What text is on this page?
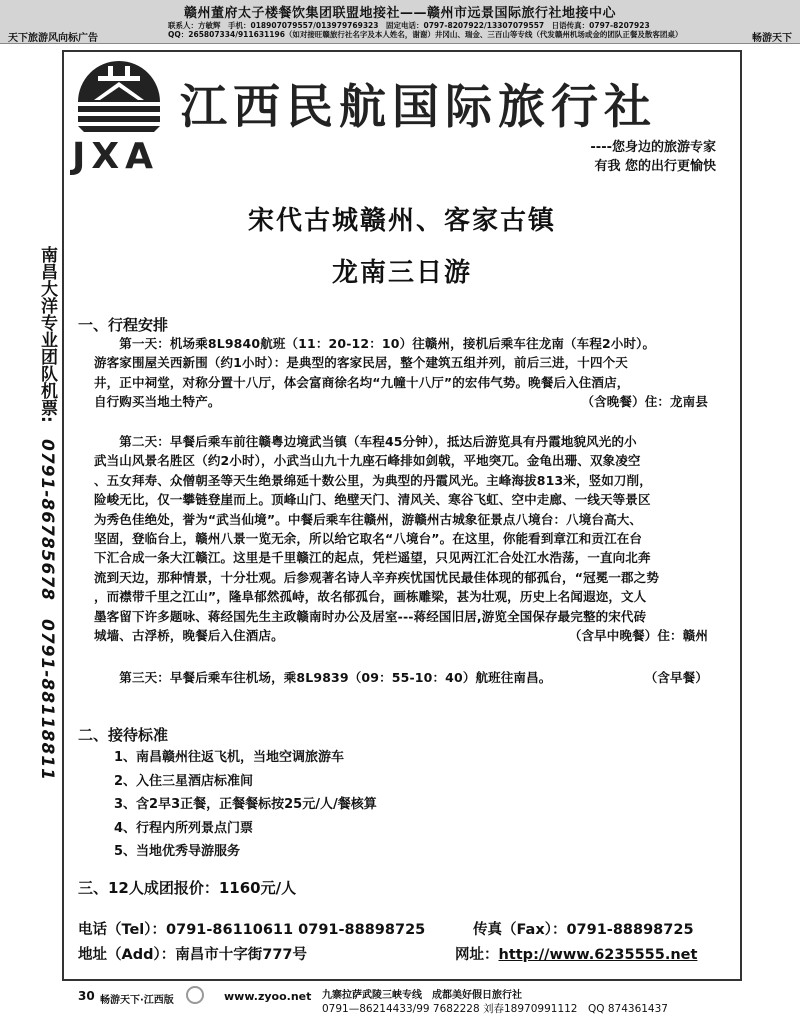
赣州董府太子楼餐饮集团联盟地接社——赣州市远景国际旅行社地接中心
联系人：方敏辉　手机：018907079557/013979769323　固定电话：0797-8207922/13307079557　日语传真：0797-8207923
QQ：265807334/911631196（如对接旺赣旅行社名字及本人姓名，谢谢）井冈山、瑞金、三百山等专线（代发赣州机场或金的团队正餐及散客团桌）
天下旅游风向标广告	畅游天下
JXA
江西民航国际旅行社
----您身边的旅游专家
有我 您的出行更愉快
宋代古城赣州、客家古镇
龙南三日游
南昌大洋专业团队机票:
0791-86785678　0791-88118811
一、行程安排
　　第一天：机场乘8L9840航班（11：20-12：10）往赣州，接机后乘车往龙南（车程2小时）。
游客家围屋关西新围（约1小时）：是典型的客家民居，整个建筑五组并列，前后三进，十四个天
井，正中祠堂，对称分置十八厅，体会富商徐名均“九幢十八厅”的宏伟气势。晚餐后入住酒店，
自行购买当地土特产。	（含晚餐）住：龙南县
　　第二天：早餐后乘车前往赣粤边境武当镇（车程45分钟），抵达后游览具有丹霞地貌风光的小
武当山风景名胜区（约2小时），小武当山九十九座石峰排如剑戟，平地突兀。金龟出珊、双象凌空
、五女拜寿、众僧朝圣等天生绝景绵延十数公里，为典型的丹霞风光。主峰海拔813米，竖如刀削，
险峻无比，仅一攀链登崖而上。顶峰山门、绝壁天门、清风关、寒谷飞虹、空中走廊、一线天等景区
为秀色佳绝处，誉为“武当仙境”。中餐后乘车往赣州，游赣州古城象征景点八境台：八境台高大、
坚固，登临台上，赣州八景一览无余，所以给它取名“八境台”。在这里，你能看到章江和贡江在台
下汇合成一条大江赣江。这里是千里赣江的起点，凭栏遥望，只见两江汇合处江水浩荡，一直向北奔
流到天边，那种情景，十分壮观。后参观著名诗人辛弃疾忧国忧民最佳体现的郁孤台，“冠冕一郡之势
，而襟带千里之江山”，隆阜郁然孤峙，故名郁孤台，画栋雕梁，甚为壮观，历史上名闻遐迩，文人
墨客留下许多题咏、蒋经国先生主政赣南时办公及居室---蒋经国旧居,游览全国保存最完整的宋代砖
城墙、古浮桥，晚餐后入住酒店。	（含早中晚餐）住：赣州
　　第三天：早餐后乘车往机场，乘8L9839（09：55-10：40）航班往南昌。	（含早餐）
二、接待标准
1、南昌赣州往返飞机，当地空调旅游车
2、入住三星酒店标准间
3、含2早3正餐，正餐餐标按25元/人/餐核算
4、行程内所列景点门票
5、当地优秀导游服务
三、12人成团报价：1160元/人
电话（Tel）：0791-86110611 0791-88898725	传真（Fax）：0791-88898725
地址（Add）：南昌市十字街777号	网址：http://www.6235555.net
30 畅游天下·江西版	www.zyoo.net 九寨拉萨武陵三峡专线　成都美好假日旅行社
0791—86214433/99 7682228 刘春18970991112　QQ 874361437
